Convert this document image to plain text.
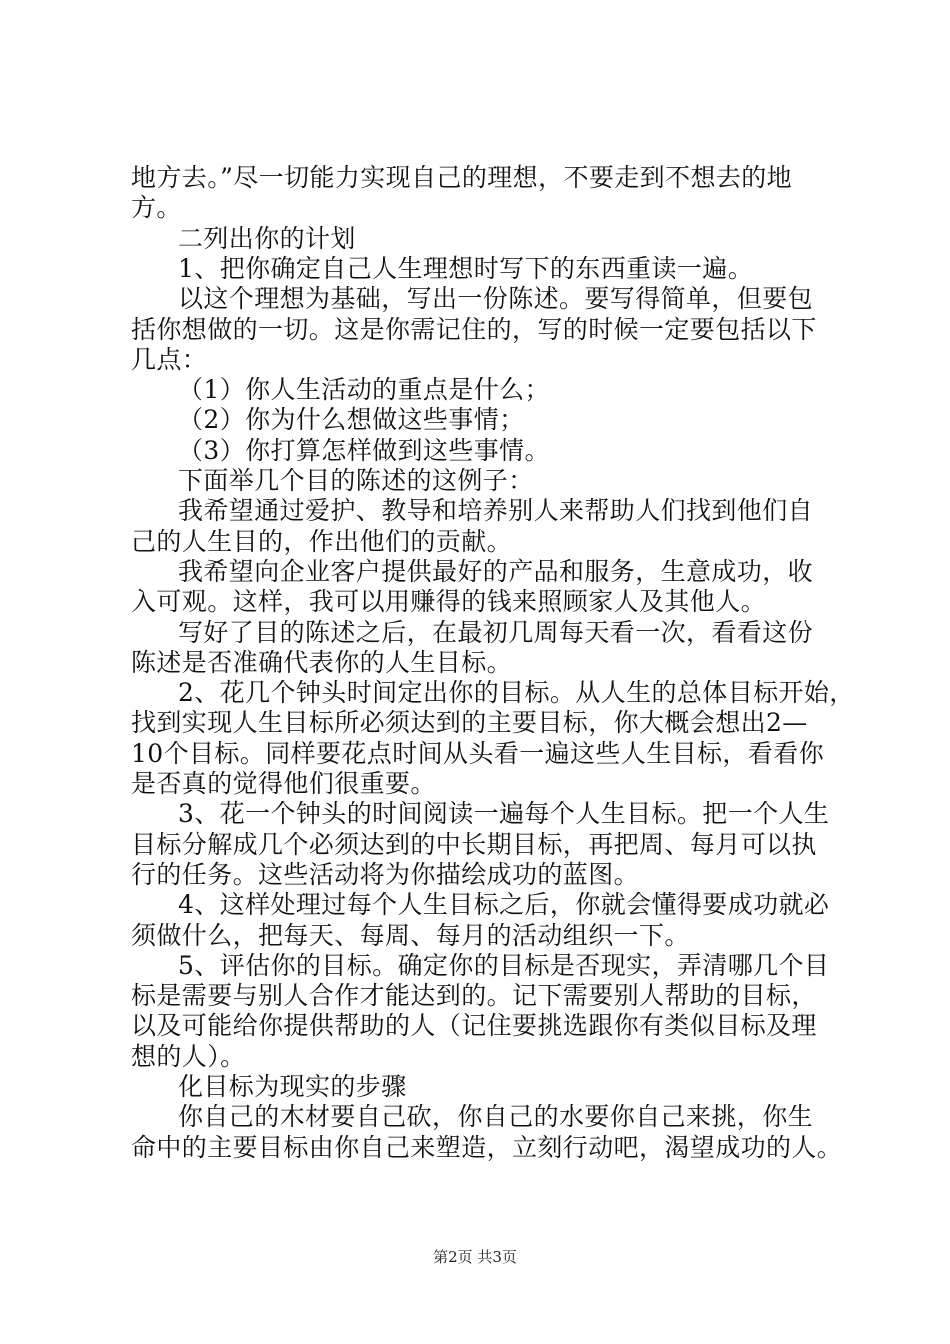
地方去。”尽一切能力实现自己的理想，不要走到不想去的地
方。
二列出你的计划
1、把你确定自己人生理想时写下的东西重读一遍。
以这个理想为基础，写出一份陈述。要写得简单，但要包
括你想做的一切。这是你需记住的，写的时候一定要包括以下
几点：
（1）你人生活动的重点是什么；
（2）你为什么想做这些事情；
（3）你打算怎样做到这些事情。
下面举几个目的陈述的这例子：
我希望通过爱护、教导和培养别人来帮助人们找到他们自
己的人生目的，作出他们的贡献。
我希望向企业客户提供最好的产品和服务，生意成功，收
入可观。这样，我可以用赚得的钱来照顾家人及其他人。
写好了目的陈述之后，在最初几周每天看一次，看看这份
陈述是否准确代表你的人生目标。
2、花几个钟头时间定出你的目标。从人生的总体目标开始，
找到实现人生目标所必须达到的主要目标，你大概会想出2—
10个目标。同样要花点时间从头看一遍这些人生目标，看看你
是否真的觉得他们很重要。
3、花一个钟头的时间阅读一遍每个人生目标。把一个人生
目标分解成几个必须达到的中长期目标，再把周、每月可以执
行的任务。这些活动将为你描绘成功的蓝图。
4、这样处理过每个人生目标之后，你就会懂得要成功就必
须做什么，把每天、每周、每月的活动组织一下。
5、评估你的目标。确定你的目标是否现实，弄清哪几个目
标是需要与别人合作才能达到的。记下需要别人帮助的目标，
以及可能给你提供帮助的人（记住要挑选跟你有类似目标及理
想的人）。
化目标为现实的步骤
你自己的木材要自己砍，你自己的水要你自己来挑，你生
命中的主要目标由你自己来塑造，立刻行动吧，渴望成功的人。
第2页 共3页
